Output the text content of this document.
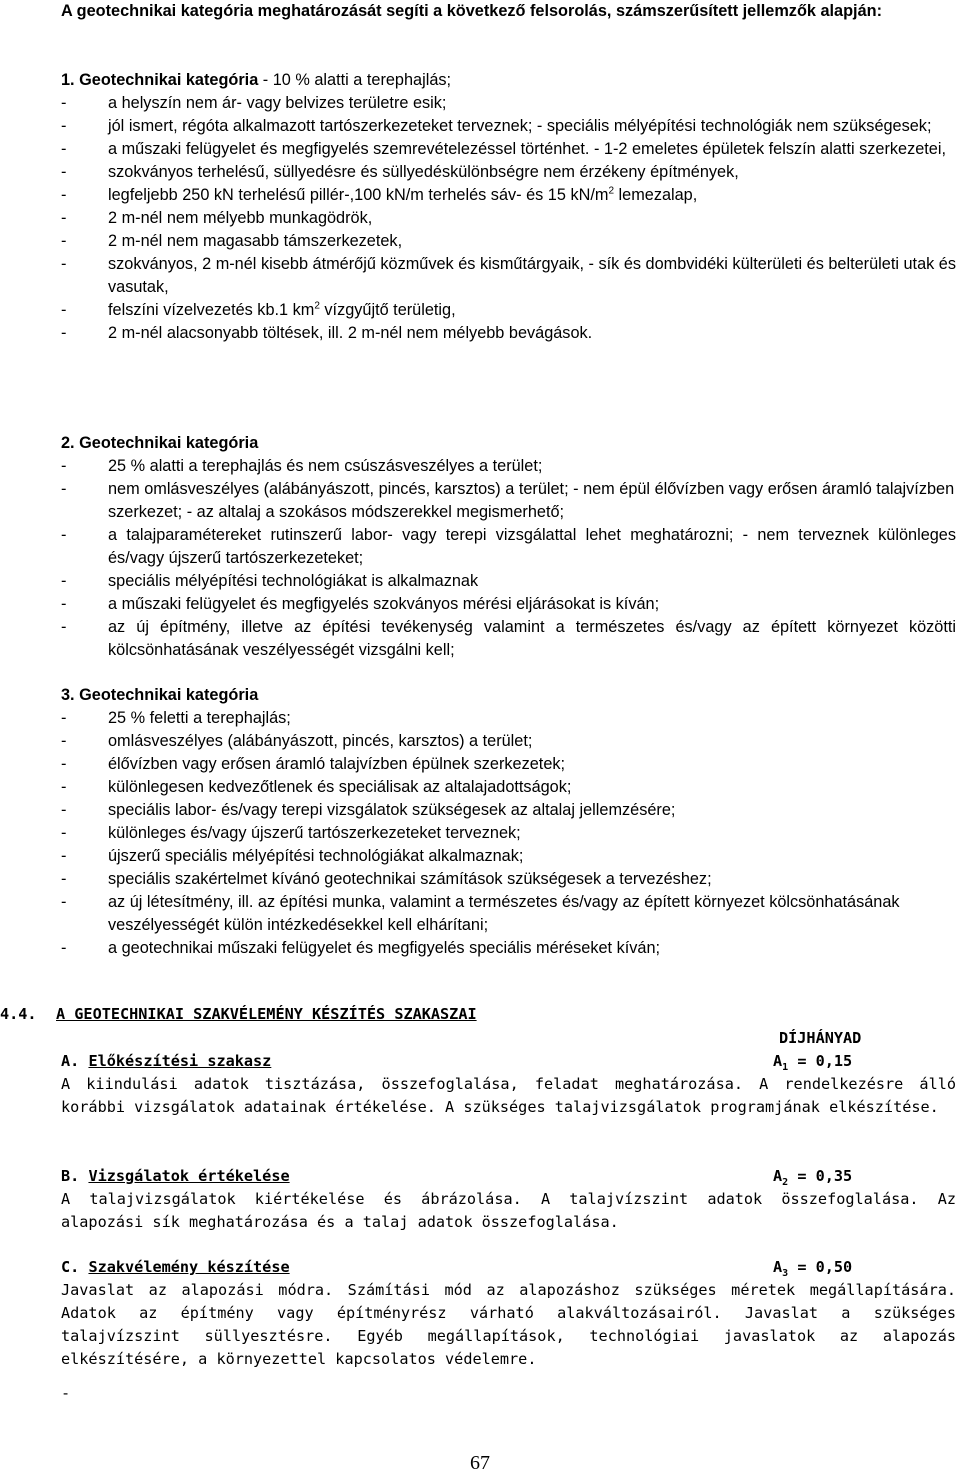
A geotechnikai kategória meghatározását segíti a következő felsorolás, számszerűsített jellemzők alapján:
1. Geotechnikai kategória - 10 % alatti a terephajlás;
-	a helyszín nem ár- vagy belvizes területre esik;
-	jól ismert, régóta alkalmazott tartószerkezeteket terveznek; - speciális mélyépítési technológiák nem szükségesek;
-	a műszaki felügyelet és megfigyelés szemrevételezéssel történhet. - 1-2 emeletes épületek felszín alatti szerkezetei,
-	szokványos terhelésű, süllyedésre és süllyedéskülönbségre nem érzékeny építmények,
-	legfeljebb 250 kN terhelésű pillér-,100 kN/m terhelés sáv- és 15 $kN/m^2$ lemezalap,
-	2 m-nél nem mélyebb munkagödrök,
-	2 m-nél nem magasabb támszerkezetek,
-	szokványos, 2 m-nél kisebb átmérőjű közművek és kisműtárgyaik, - sík és dombvidéki külterületi és belterületi utak és vasutak,
-	felszíni vízelvezetés kb.1 $km^2$ vízgyűjtő területig,
-	2 m-nél alacsonyabb töltések, ill. 2 m-nél nem mélyebb bevágások.
2. Geotechnikai kategória
-	25 % alatti a terephajlás és nem csúszásveszélyes a terület;
-	nem omlásveszélyes (alábányászott, pincés, karsztos) a terület; - nem épül élővízben vagy erősen áramló talajvízben szerkezet; - az altalaj a szokásos módszerekkel megismerhető;
-	a talajparamétereket rutinszerű labor- vagy terepi vizsgálattal lehet meghatározni; - nem terveznek különleges és/vagy újszerű tartószerkezeteket;
-	speciális mélyépítési technológiákat is alkalmaznak
-	a műszaki felügyelet és megfigyelés szokványos mérési eljárásokat is kíván;
-	az új építmény, illetve az építési tevékenység valamint a természetes és/vagy az épített környezet közötti kölcsönhatásának veszélyességét vizsgálni kell;
3. Geotechnikai kategória
-	25 % feletti a terephajlás;
-	omlásveszélyes (alábányászott, pincés, karsztos) a terület;
-	élővízben vagy erősen áramló talajvízben épülnek szerkezetek;
-	különlegesen kedvezőtlenek és speciálisak az altalajadottságok;
-	speciális labor- és/vagy terepi vizsgálatok szükségesek az altalaj jellemzésére;
-	különleges és/vagy újszerű tartószerkezeteket terveznek;
-	újszerű speciális mélyépítési technológiákat alkalmaznak;
-	speciális szakértelmet kívánó geotechnikai számítások szükségesek a tervezéshez;
-	az új létesítmény, ill. az építési munka, valamint a természetes és/vagy az épített környezet kölcsönhatásának veszélyességét külön intézkedésekkel kell elhárítani;
-	a geotechnikai műszaki felügyelet és megfigyelés speciális méréseket kíván;
4.4. A GEOTECHNIKAI SZAKVÉLEMÉNY KÉSZÍTÉS SZAKASZAI
DÍJHÁNYAD
A. Előkészítési szakasz	$A_1 = 0,15$
A kiindulási adatok tisztázása, összefoglalása, feladat meghatározása. A rendelkezésre álló korábbi vizsgálatok adatainak értékelése. A szükséges talajvizsgálatok programjának elkészítése.
B. Vizsgálatok értékelése	$A_2 = 0,35$
A talajvizsgálatok kiértékelése és ábrázolása. A talajvízszint adatok összefoglalása. Az alapozási sík meghatározása és a talaj adatok összefoglalása.
C. Szakvélemény készítése	$A_3 = 0,50$
Javaslat az alapozási módra. Számítási mód az alapozáshoz szükséges méretek megállapítására. Adatok az építmény vagy építményrész várható alakváltozásairól. Javaslat a szükséges talajvízszint süllyesztésre. Egyéb megállapítások, technológiai javaslatok az alapozás elkészítésére, a környezettel kapcsolatos védelemre.
-
67
